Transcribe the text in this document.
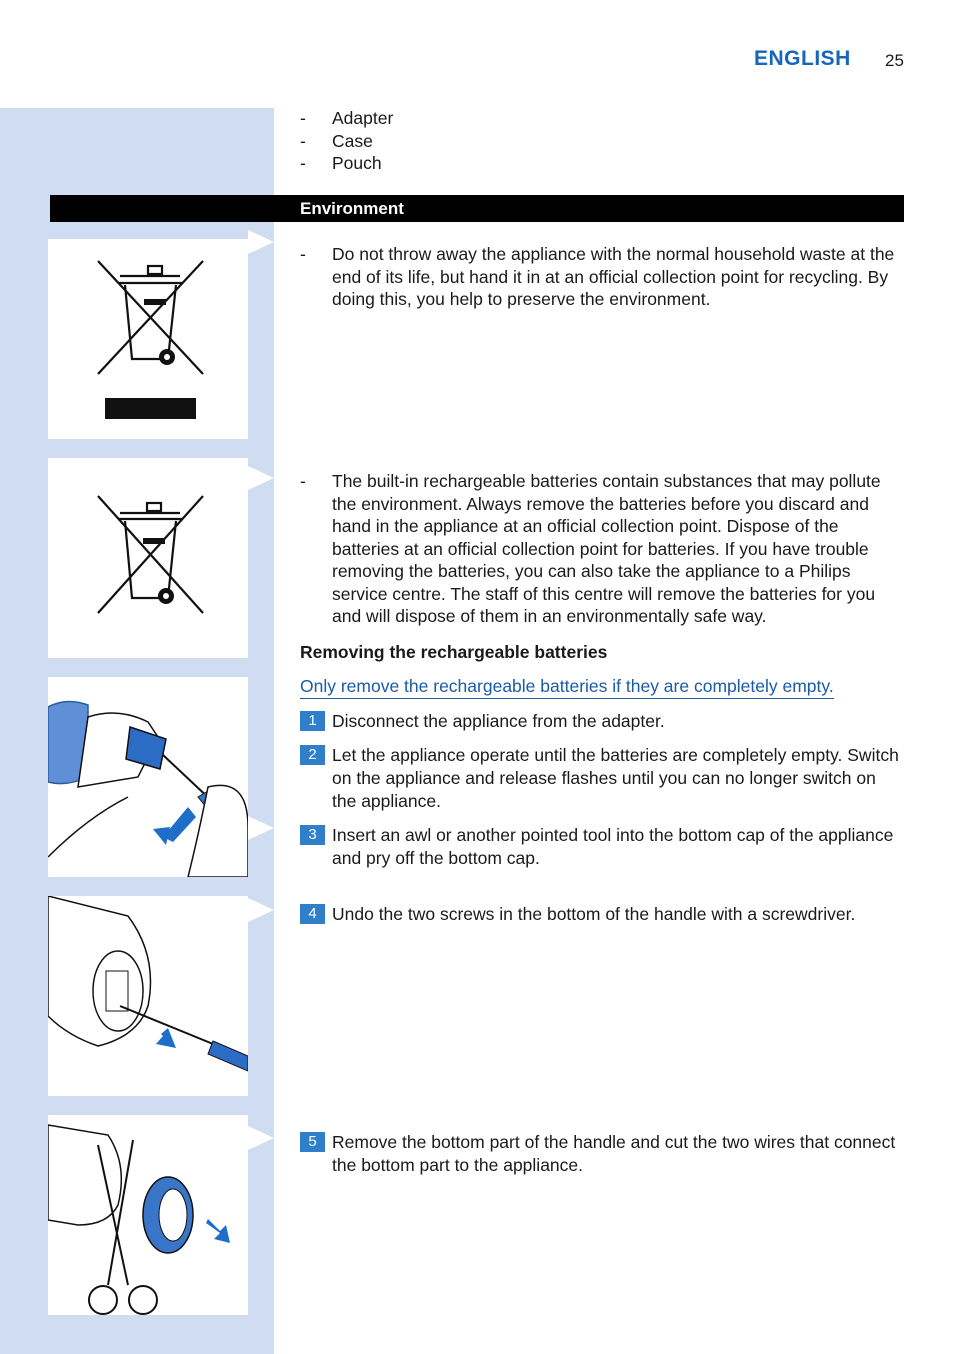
ENGLISH 25
- Adapter
- Case
- Pouch
Environment
- Do not throw away the appliance with the normal household waste at the end of its life, but hand it in at an official collection point for recycling. By doing this, you help to preserve the environment.
- The built-in rechargeable batteries contain substances that may pollute the environment. Always remove the batteries before you discard and hand in the appliance at an official collection point. Dispose of the batteries at an official collection point for batteries. If you have trouble removing the batteries, you can also take the appliance to a Philips service centre. The staff of this centre will remove the batteries for you and will dispose of them in an environmentally safe way.
Removing the rechargeable batteries
Only remove the rechargeable batteries if they are completely empty.
1 Disconnect the appliance from the adapter.
2 Let the appliance operate until the batteries are completely empty. Switch on the appliance and release flashes until you can no longer switch on the appliance.
3 Insert an awl or another pointed tool into the bottom cap of the appliance and pry off the bottom cap.
4 Undo the two screws in the bottom of the handle with a screwdriver.
5 Remove the bottom part of the handle and cut the two wires that connect the bottom part to the appliance.
